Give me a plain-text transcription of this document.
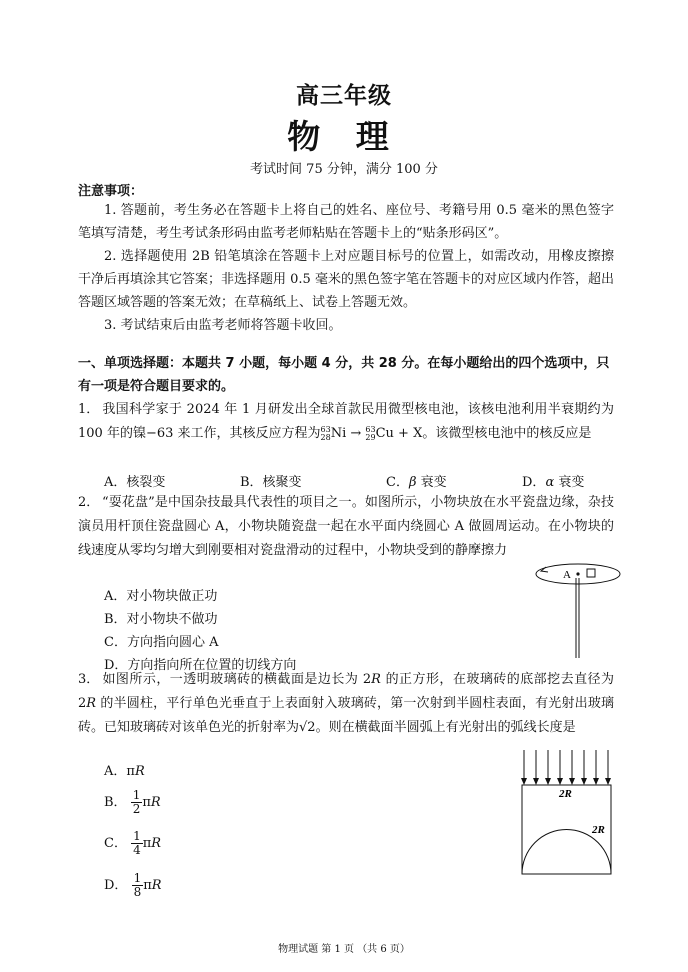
高三年级
物 理
考试时间 75 分钟，满分 100 分
注意事项：
1. 答题前，考生务必在答题卡上将自己的姓名、座位号、考籍号用 0.5 毫米的黑色签字笔填写清楚，考生考试条形码由监考老师粘贴在答题卡上的“贴条形码区”。
2. 选择题使用 2B 铅笔填涂在答题卡上对应题目标号的位置上，如需改动，用橡皮擦擦干净后再填涂其它答案；非选择题用 0.5 毫米的黑色签字笔在答题卡的对应区域内作答，超出答题区域答题的答案无效；在草稿纸上、试卷上答题无效。
3. 考试结束后由监考老师将答题卡收回。
一、单项选择题：本题共 7 小题，每小题 4 分，共 28 分。在每小题给出的四个选项中，只有一项是符合题目要求的。
1． 我国科学家于 2024 年 1 月研发出全球首款民用微型核电池，该核电池利用半衰期约为 100 年的镍−63 来工作，其核反应方程为 63
28 Ni → 63
29 Cu + X。该微型核电池中的核反应是
A．核裂变	B．核聚变	C．β 衰变	D．α 衰变
2． “耍花盘”是中国杂技最具代表性的项目之一。如图所示，小物块放在水平瓷盘边缘，杂技演员用杆顶住瓷盘圆心 A，小物块随瓷盘一起在水平面内绕圆心 A 做圆周运动。在小物块的线速度从零均匀增大到刚要相对瓷盘滑动的过程中，小物块受到的静摩擦力
A．对小物块做正功
B．对小物块不做功
C．方向指向圆心 A
D．方向指向所在位置的切线方向
A
3． 如图所示，一透明玻璃砖的横截面是边长为 2R 的正方形，在玻璃砖的底部挖去直径为 2R 的半圆柱，平行单色光垂直于上表面射入玻璃砖，第一次射到半圆柱表面，有光射出玻璃砖。已知玻璃砖对该单色光的折射率为√2。则在横截面半圆弧上有光射出的弧线长度是
A．πR
B． $\frac{1}{2}$ πR
C． $\frac{1}{4}$ πR
D． $\frac{1}{8}$ πR
2R
2R
物理试题 第 1 页 （共 6 页）
